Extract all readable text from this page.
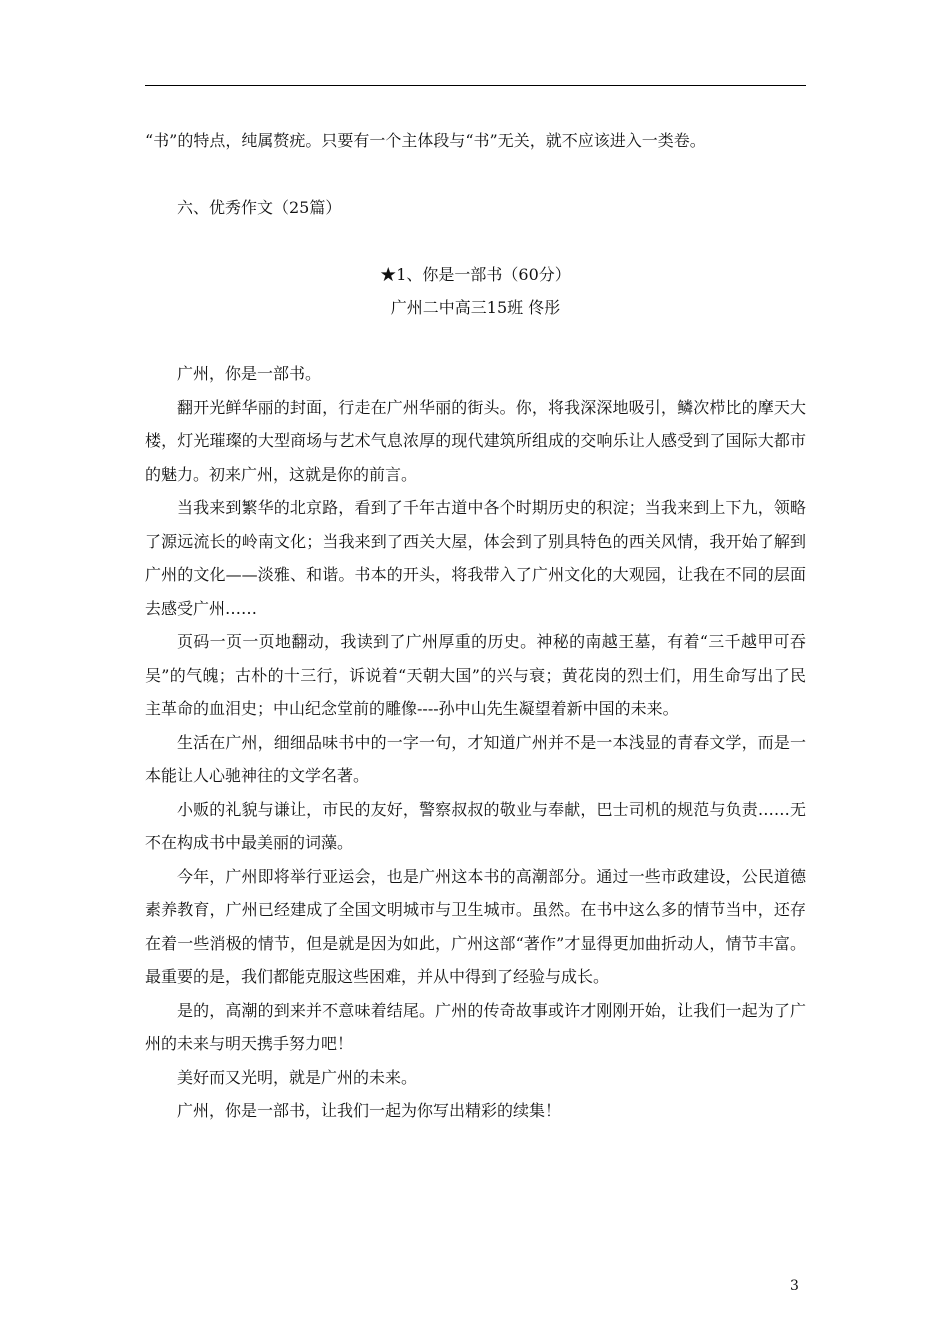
“书”的特点，纯属赘疣。只要有一个主体段与“书”无关，就不应该进入一类卷。
六、优秀作文（25篇）
★1、你是一部书（60分）
广州二中高三15班 佟彤

广州，你是一部书。

翻开光鲜华丽的封面，行走在广州华丽的街头。你，将我深深地吸引，鳞次栉比的摩天大楼，灯光璀璨的大型商场与艺术气息浓厚的现代建筑所组成的交响乐让人感受到了国际大都市的魅力。初来广州，这就是你的前言。

当我来到繁华的北京路，看到了千年古道中各个时期历史的积淀；当我来到上下九，领略了源远流长的岭南文化；当我来到了西关大屋，体会到了别具特色的西关风情，我开始了解到广州的文化——淡雅、和谐。书本的开头，将我带入了广州文化的大观园，让我在不同的层面去感受广州……

页码一页一页地翻动，我读到了广州厚重的历史。神秘的南越王墓，有着“三千越甲可吞吴”的气魄；古朴的十三行，诉说着“天朝大国”的兴与衰；黄花岗的烈士们，用生命写出了民主革命的血泪史；中山纪念堂前的雕像----孙中山先生凝望着新中国的未来。

生活在广州，细细品味书中的一字一句，才知道广州并不是一本浅显的青春文学，而是一本能让人心驰神往的文学名著。

小贩的礼貌与谦让，市民的友好，警察叔叔的敬业与奉献，巴士司机的规范与负责……无不在构成书中最美丽的词藻。

今年，广州即将举行亚运会，也是广州这本书的高潮部分。通过一些市政建设，公民道德素养教育，广州已经建成了全国文明城市与卫生城市。虽然。在书中这么多的情节当中，还存在着一些消极的情节，但是就是因为如此，广州这部“著作”才显得更加曲折动人，情节丰富。最重要的是，我们都能克服这些困难，并从中得到了经验与成长。

是的，高潮的到来并不意味着结尾。广州的传奇故事或许才刚刚开始，让我们一起为了广州的未来与明天携手努力吧！

美好而又光明，就是广州的未来。

广州，你是一部书，让我们一起为你写出精彩的续集！

3
